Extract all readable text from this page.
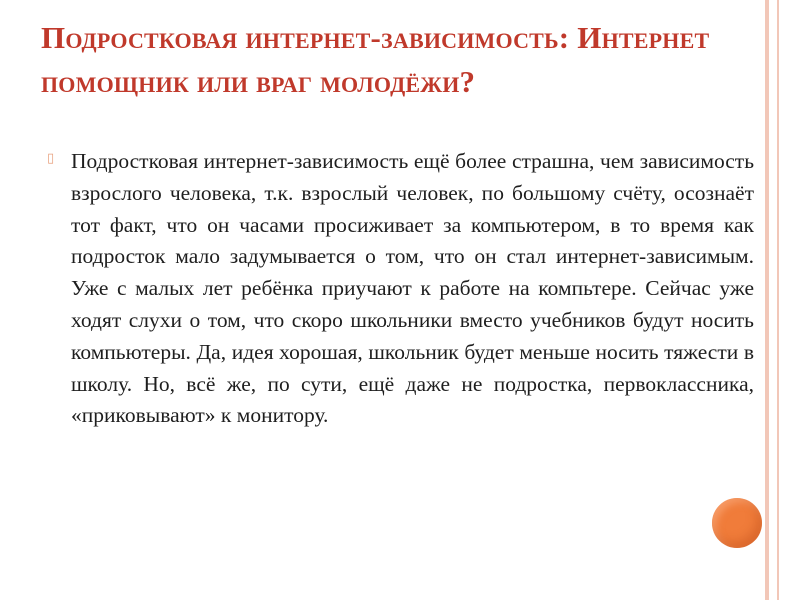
Подростковая интернет-зависимость: Интернет помощник или враг молодёжи?
▯ Подростковая интернет-зависимость ещё более страшна, чем зависимость взрослого человека, т.к. взрослый человек, по большому счёту, осознаёт тот факт, что он часами просиживает за компьютером, в то время как подросток мало задумывается о том, что он стал интернет-зависимым. Уже с малых лет ребёнка приучают к работе на компьтере. Сейчас уже ходят слухи о том, что скоро школьники вместо учебников будут носить компьютеры. Да, идея хорошая, школьник будет меньше носить тяжести в школу. Но, всё же, по сути, ещё даже не подростка, первоклассника, «приковывают» к монитору.
